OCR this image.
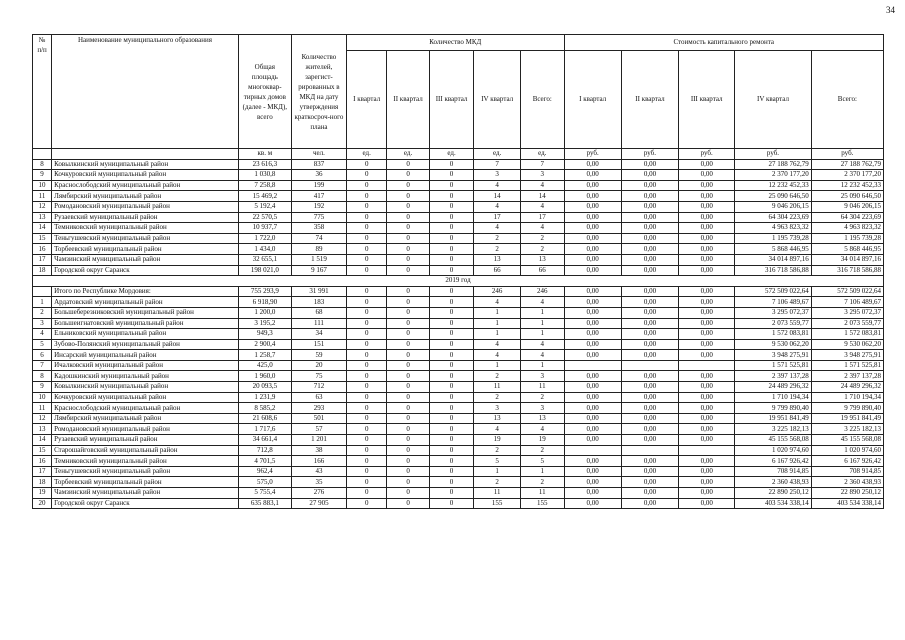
34
№ п/п	Наименование муниципального образования	Общая площадь многоквар-тирных домов (далее - МКД), всего	Количество жителей, зарегист-рированных в МКД на дату утверждения краткосроч-ного плана	Количество МКД					Стоимость капитального ремонта				
				I квартал	II квартал	III квартал	IV квартал	Всего:	I квартал	II квартал	III квартал	IV квартал	Всего:
		кв. м	чел.	ед.	ед.	ед.	ед.	ед.	руб.	руб.	руб.	руб.	руб.
8	Ковылкинский муниципальный район	23 616,3	837	0	0	0	7	7	0,00	0,00	0,00	27 188 762,79	27 188 762,79
9	Кочкуровский муниципальный район	1 030,8	36	0	0	0	3	3	0,00	0,00	0,00	2 370 177,20	2 370 177,20
10	Краснослободский муниципальный район	7 258,8	199	0	0	0	4	4	0,00	0,00	0,00	12 232 452,33	12 232 452,33
11	Лямбирский муниципальный район	15 469,2	417	0	0	0	14	14	0,00	0,00	0,00	25 090 646,50	25 090 646,50
12	Ромодановский муниципальный район	5 192,4	192	0	0	0	4	4	0,00	0,00	0,00	9 046 206,15	9 046 206,15
13	Рузаевский муниципальный район	22 570,5	775	0	0	0	17	17	0,00	0,00	0,00	64 304 223,69	64 304 223,69
14	Темниковский муниципальный район	10 937,7	358	0	0	0	4	4	0,00	0,00	0,00	4 963 823,32	4 963 823,32
15	Теньгушевский муниципальный район	1 722,0	74	0	0	0	2	2	0,00	0,00	0,00	1 195 739,28	1 195 739,28
16	Торбеевский муниципальный район	1 434,0	89	0	0	0	2	2	0,00	0,00	0,00	5 868 446,95	5 868 446,95
17	Чамзинский муниципальный район	32 655,1	1 519	0	0	0	13	13	0,00	0,00	0,00	34 014 897,16	34 014 897,16
18	Городской округ Саранск	198 021,0	9 167	0	0	0	66	66	0,00	0,00	0,00	316 718 586,88	316 718 586,88
2019 год													
	Итого по Республике Мордовия:	755 293,9	31 991	0	0	0	246	246	0,00	0,00	0,00	572 509 022,64	572 509 022,64
1	Ардатовский муниципальный район	6 918,90	183	0	0	0	4	4	0,00	0,00	0,00	7 106 489,67	7 106 489,67
2	Большеберезниковский муниципальный район	1 200,0	68	0	0	0	1	1	0,00	0,00	0,00	3 295 072,37	3 295 072,37
3	Большеигнатовский муниципальный район	3 195,2	111	0	0	0	1	1	0,00	0,00	0,00	2 073 559,77	2 073 559,77
4	Ельниковский муниципальный район	949,3	34	0	0	0	1	1	0,00	0,00	0,00	1 572 083,81	1 572 083,81
5	Зубово-Полянский муниципальный район	2 900,4	151	0	0	0	4	4	0,00	0,00	0,00	9 530 062,20	9 530 062,20
6	Инсарский муниципальный район	1 258,7	59	0	0	0	4	4	0,00	0,00	0,00	3 948 275,91	3 948 275,91
7	Ичалковский муниципальный район	425,0	20	0	0	0	1	1				1 571 525,81	1 571 525,81
8	Кадошкинский муниципальный район	1 960,0	75	0	0	0	2	3	0,00	0,00	0,00	2 397 137,28	2 397 137,28
9	Ковылкинский муниципальный район	20 093,5	712	0	0	0	11	11	0,00	0,00	0,00	24 489 296,32	24 489 296,32
10	Кочкуровский муниципальный район	1 231,9	63	0	0	0	2	2	0,00	0,00	0,00	1 710 194,34	1 710 194,34
11	Краснослободский муниципальный район	8 585,2	293	0	0	0	3	3	0,00	0,00	0,00	9 799 890,40	9 799 890,40
12	Лямбирский муниципальный район	21 608,6	501	0	0	0	13	13	0,00	0,00	0,00	19 951 841,49	19 951 841,49
13	Ромодановский муниципальный район	1 717,6	57	0	0	0	4	4	0,00	0,00	0,00	3 225 182,13	3 225 182,13
14	Рузаевский муниципальный район	34 661,4	1 201	0	0	0	19	19	0,00	0,00	0,00	45 155 568,08	45 155 568,08
15	Старошайговский муниципальный район	712,8	38	0	0	0	2	2				1 020 974,60	1 020 974,60
16	Темниковский муниципальный район	4 701,5	166	0	0	0	5	5	0,00	0,00	0,00	6 167 926,42	6 167 926,42
17	Теньгушевский муниципальный район	962,4	43	0	0	0	1	1	0,00	0,00	0,00	708 914,85	708 914,85
18	Торбеевский муниципальный район	575,0	35	0	0	0	2	2	0,00	0,00	0,00	2 360 438,93	2 360 438,93
19	Чамзинский муниципальный район	5 755,4	276	0	0	0	11	11	0,00	0,00	0,00	22 890 250,12	22 890 250,12
20	Городской округ Саранск	635 883,1	27 905	0	0	0	155	155	0,00	0,00	0,00	403 534 338,14	403 534 338,14
